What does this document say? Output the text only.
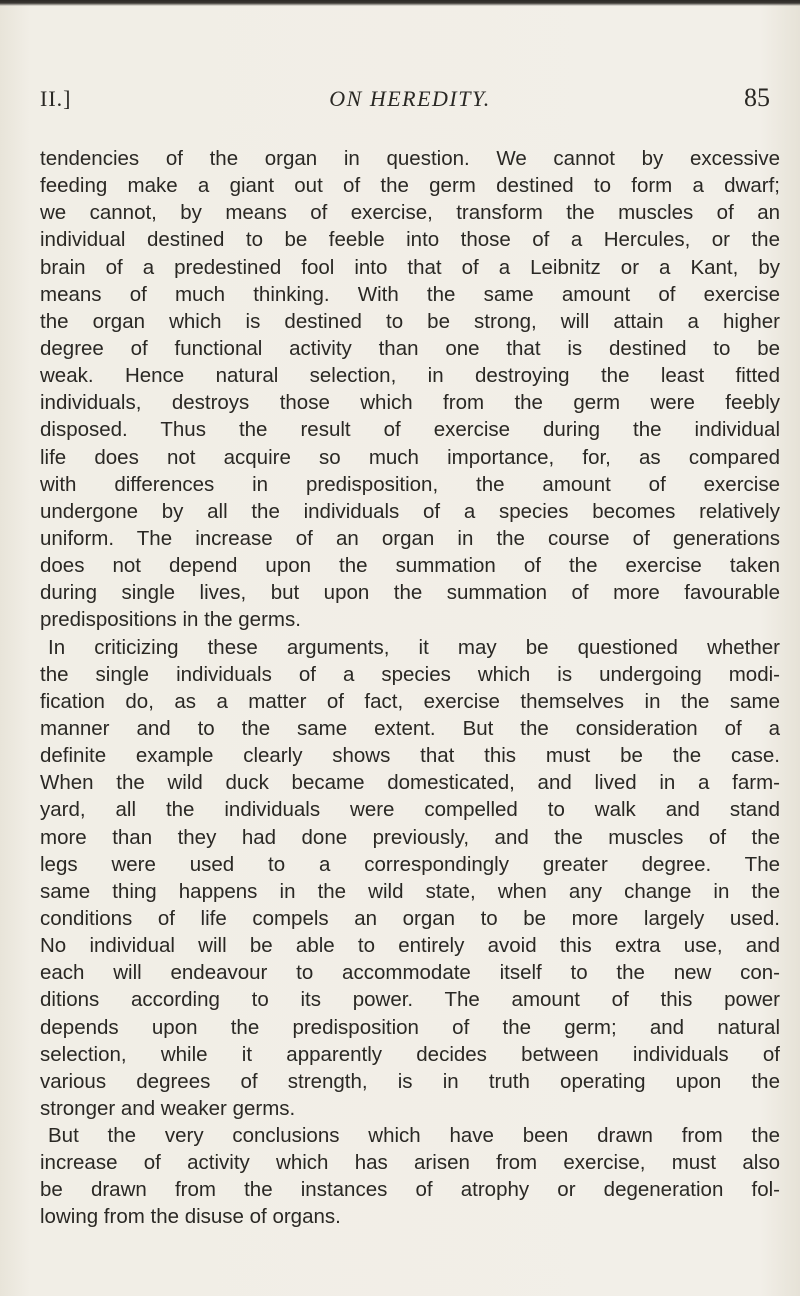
II.]	ON HEREDITY.	85
tendencies of the organ in question. We cannot by excessive
feeding make a giant out of the germ destined to form a dwarf;
we cannot, by means of exercise, transform the muscles of an
individual destined to be feeble into those of a Hercules, or the
brain of a predestined fool into that of a Leibnitz or a Kant, by
means of much thinking. With the same amount of exercise
the organ which is destined to be strong, will attain a higher
degree of functional activity than one that is destined to be
weak. Hence natural selection, in destroying the least fitted
individuals, destroys those which from the germ were feebly
disposed. Thus the result of exercise during the individual
life does not acquire so much importance, for, as compared
with differences in predisposition, the amount of exercise
undergone by all the individuals of a species becomes relatively
uniform. The increase of an organ in the course of generations
does not depend upon the summation of the exercise taken
during single lives, but upon the summation of more favourable
predispositions in the germs.
In criticizing these arguments, it may be questioned whether
the single individuals of a species which is undergoing modi-
fication do, as a matter of fact, exercise themselves in the same
manner and to the same extent. But the consideration of a
definite example clearly shows that this must be the case.
When the wild duck became domesticated, and lived in a farm-
yard, all the individuals were compelled to walk and stand
more than they had done previously, and the muscles of the
legs were used to a correspondingly greater degree. The
same thing happens in the wild state, when any change in the
conditions of life compels an organ to be more largely used.
No individual will be able to entirely avoid this extra use, and
each will endeavour to accommodate itself to the new con-
ditions according to its power. The amount of this power
depends upon the predisposition of the germ; and natural
selection, while it apparently decides between individuals of
various degrees of strength, is in truth operating upon the
stronger and weaker germs.
But the very conclusions which have been drawn from the
increase of activity which has arisen from exercise, must also
be drawn from the instances of atrophy or degeneration fol-
lowing from the disuse of organs.
